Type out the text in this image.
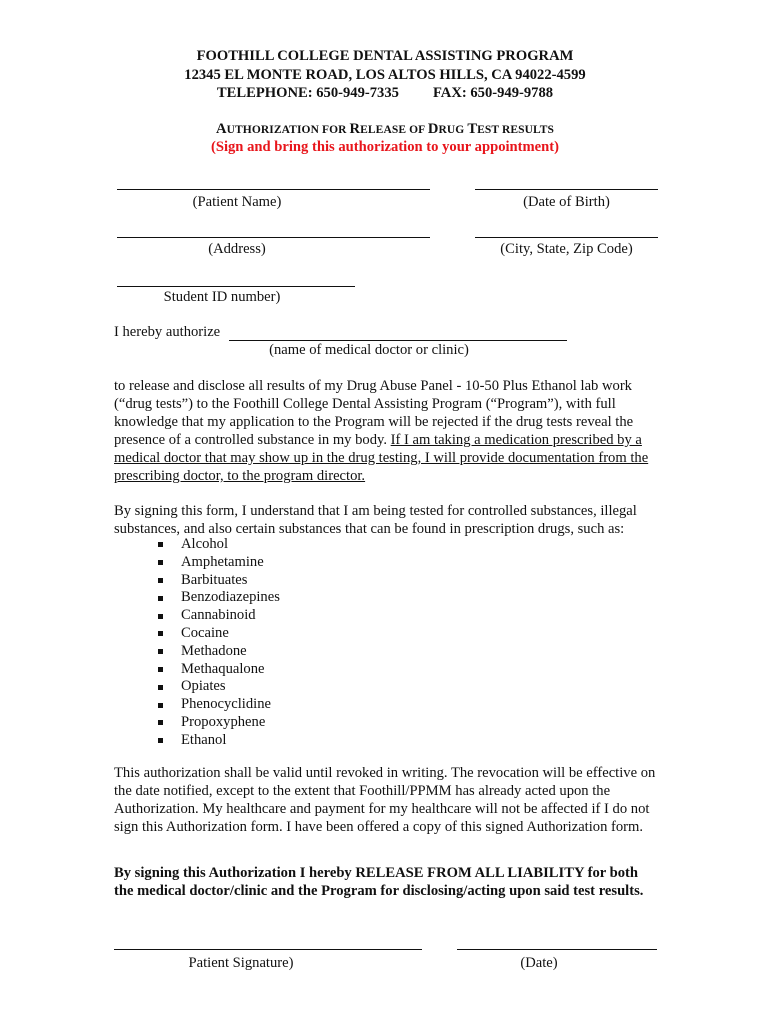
FOOTHILL COLLEGE DENTAL ASSISTING PROGRAM
12345 EL MONTE ROAD, LOS ALTOS HILLS, CA 94022-4599
TELEPHONE: 650-949-7335 FAX: 650-949-9788
AUTHORIZATION FOR RELEASE OF DRUG TEST RESULTS
(Sign and bring this authorization to your appointment)
(Patient Name)	(Date of Birth)
(Address)	(City, State, Zip Code)
Student ID number)
I hereby authorize
(name of medical doctor or clinic)
to release and disclose all results of my Drug Abuse Panel - 10-50 Plus Ethanol lab work (“drug tests”) to the Foothill College Dental Assisting Program (“Program”), with full knowledge that my application to the Program will be rejected if the drug tests reveal the presence of a controlled substance in my body. If I am taking a medication prescribed by a medical doctor that may show up in the drug testing, I will provide documentation from the prescribing doctor, to the program director.
By signing this form, I understand that I am being tested for controlled substances, illegal substances, and also certain substances that can be found in prescription drugs, such as:
Alcohol
Amphetamine
Barbituates
Benzodiazepines
Cannabinoid
Cocaine
Methadone
Methaqualone
Opiates
Phenocyclidine
Propoxyphene
Ethanol
This authorization shall be valid until revoked in writing. The revocation will be effective on the date notified, except to the extent that Foothill/PPMM has already acted upon the Authorization. My healthcare and payment for my healthcare will not be affected if I do not sign this Authorization form. I have been offered a copy of this signed Authorization form.
By signing this Authorization I hereby RELEASE FROM ALL LIABILITY for both the medical doctor/clinic and the Program for disclosing/acting upon said test results.
Patient Signature)	(Date)
